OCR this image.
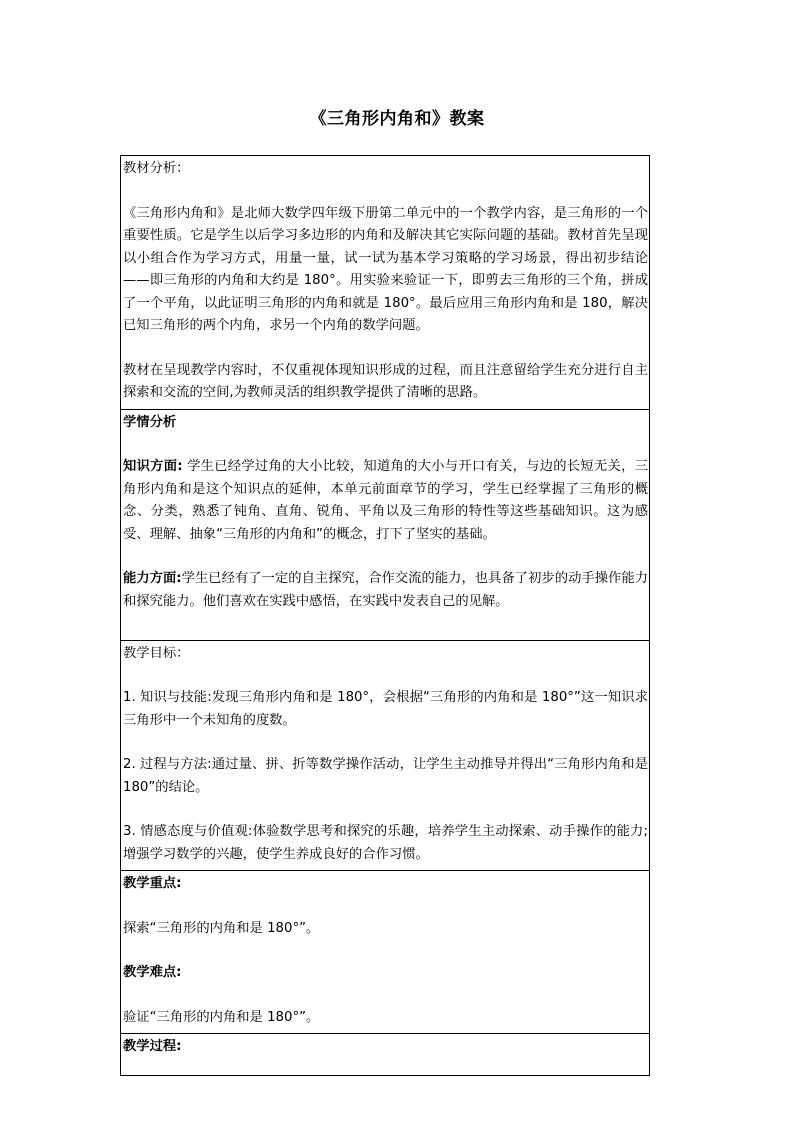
《三角形内角和》教案

教材分析：

《三角形内角和》是北师大数学四年级下册第二单元中的一个教学内容，是三角形的一个重要性质。它是学生以后学习多边形的内角和及解决其它实际问题的基础。教材首先呈现以小组合作为学习方式，用量一量，试一试为基本学习策略的学习场景，得出初步结论——即三角形的内角和大约是 180°。用实验来验证一下，即剪去三角形的三个角，拼成了一个平角，以此证明三角形的内角和就是 180°。最后应用三角形内角和是 180，解决已知三角形的两个内角，求另一个内角的数学问题。

教材在呈现教学内容时，不仅重视体现知识形成的过程，而且注意留给学生充分进行自主探索和交流的空间,为教师灵活的组织教学提供了清晰的思路。

学情分析

知识方面: 学生已经学过角的大小比较，知道角的大小与开口有关，与边的长短无关，三角形内角和是这个知识点的延伸，本单元前面章节的学习，学生已经掌握了三角形的概念、分类，熟悉了钝角、直角、锐角、平角以及三角形的特性等这些基础知识。这为感受、理解、抽象“三角形的内角和”的概念，打下了坚实的基础。

能力方面:学生已经有了一定的自主探究，合作交流的能力，也具备了初步的动手操作能力和探究能力。他们喜欢在实践中感悟，在实践中发表自己的见解。

教学目标：

1. 知识与技能:发现三角形内角和是 180°，会根据“三角形的内角和是 180°”这一知识求三角形中一个未知角的度数。

2. 过程与方法:通过量、拼、折等数学操作活动，让学生主动推导并得出“三角形内角和是 180”的结论。

3. 情感态度与价值观:体验数学思考和探究的乐趣，培养学生主动探索、动手操作的能力;增强学习数学的兴趣，使学生养成良好的合作习惯。

教学重点:

探索“三角形的内角和是 180°”。

教学难点:

验证“三角形的内角和是 180°”。

教学过程:
